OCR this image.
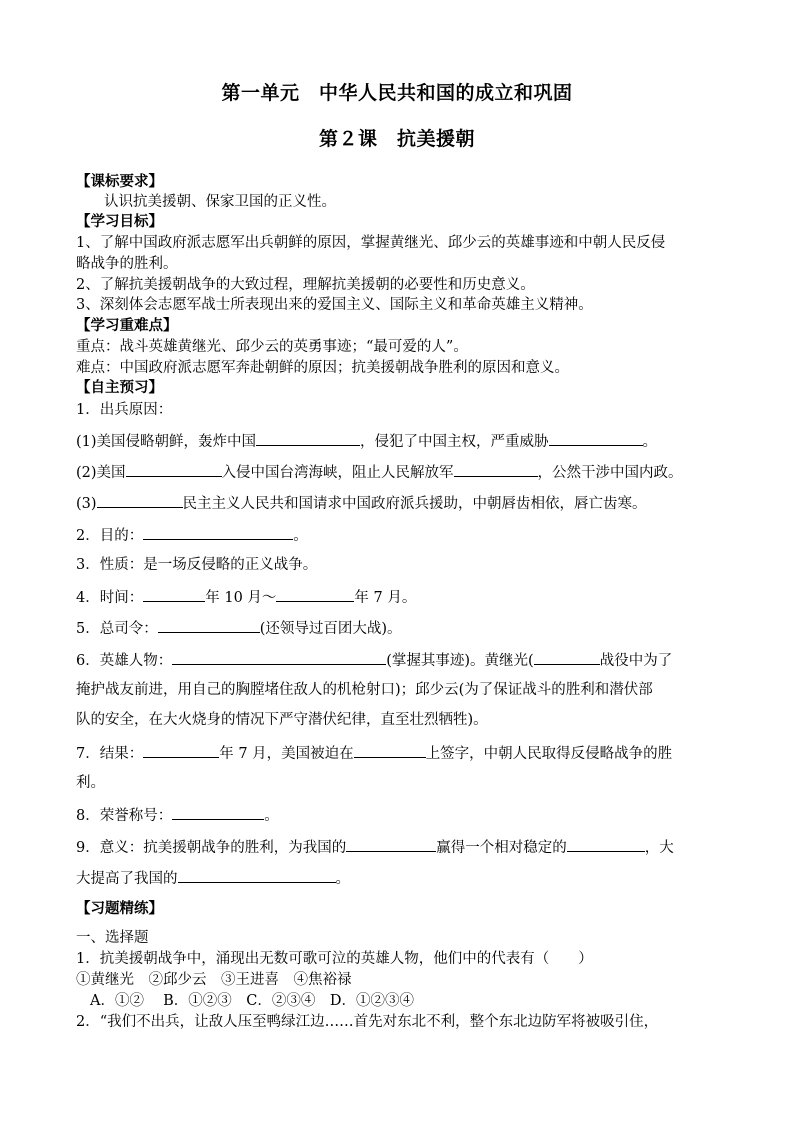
第一单元　中华人民共和国的成立和巩固
第２课　抗美援朝
【课标要求】
认识抗美援朝、保家卫国的正义性。
【学习目标】
1、了解中国政府派志愿军出兵朝鲜的原因，掌握黄继光、邱少云的英雄事迹和中朝人民反侵
略战争的胜利。
2、了解抗美援朝战争的大致过程，理解抗美援朝的必要性和历史意义。
3、深刻体会志愿军战士所表现出来的爱国主义、国际主义和革命英雄主义精神。
【学习重难点】
重点：战斗英雄黄继光、邱少云的英勇事迹；“最可爱的人”。
难点：中国政府派志愿军奔赴朝鲜的原因；抗美援朝战争胜利的原因和意义。
【自主预习】
1．出兵原因：
(1)美国侵略朝鲜，轰炸中国	，侵犯了中国主权，严重威胁	。
(2)美国	入侵中国台湾海峡，阻止人民解放军	，公然干涉中国内政。
(3)	民主主义人民共和国请求中国政府派兵援助，中朝唇齿相依，唇亡齿寒。
2．目的：	。
3．性质：是一场反侵略的正义战争。
4．时间：	年 10 月～	年 7 月。
5．总司令：	(还领导过百团大战)。
6．英雄人物：	(掌握其事迹)。黄继光(	战役中为了
掩护战友前进，用自己的胸膛堵住敌人的机枪射口)；邱少云(为了保证战斗的胜利和潜伏部
队的安全，在大火烧身的情况下严守潜伏纪律，直至壮烈牺牲)。
7．结果：	年 7 月，美国被迫在	上签字，中朝人民取得反侵略战争的胜
利。
8．荣誉称号：	。
9．意义：抗美援朝战争的胜利，为我国的	赢得一个相对稳定的	，大
大提高了我国的	。
【习题精练】
一、选择题
1．抗美援朝战争中，涌现出无数可歌可泣的英雄人物，他们中的代表有（　　）
①黄继光　②邱少云　③王进喜　④焦裕禄
A．①②　 B．①②③　C．②③④　D．①②③④
2．“我们不出兵，让敌人压至鸭绿江边……首先对东北不利，整个东北边防军将被吸引住，
